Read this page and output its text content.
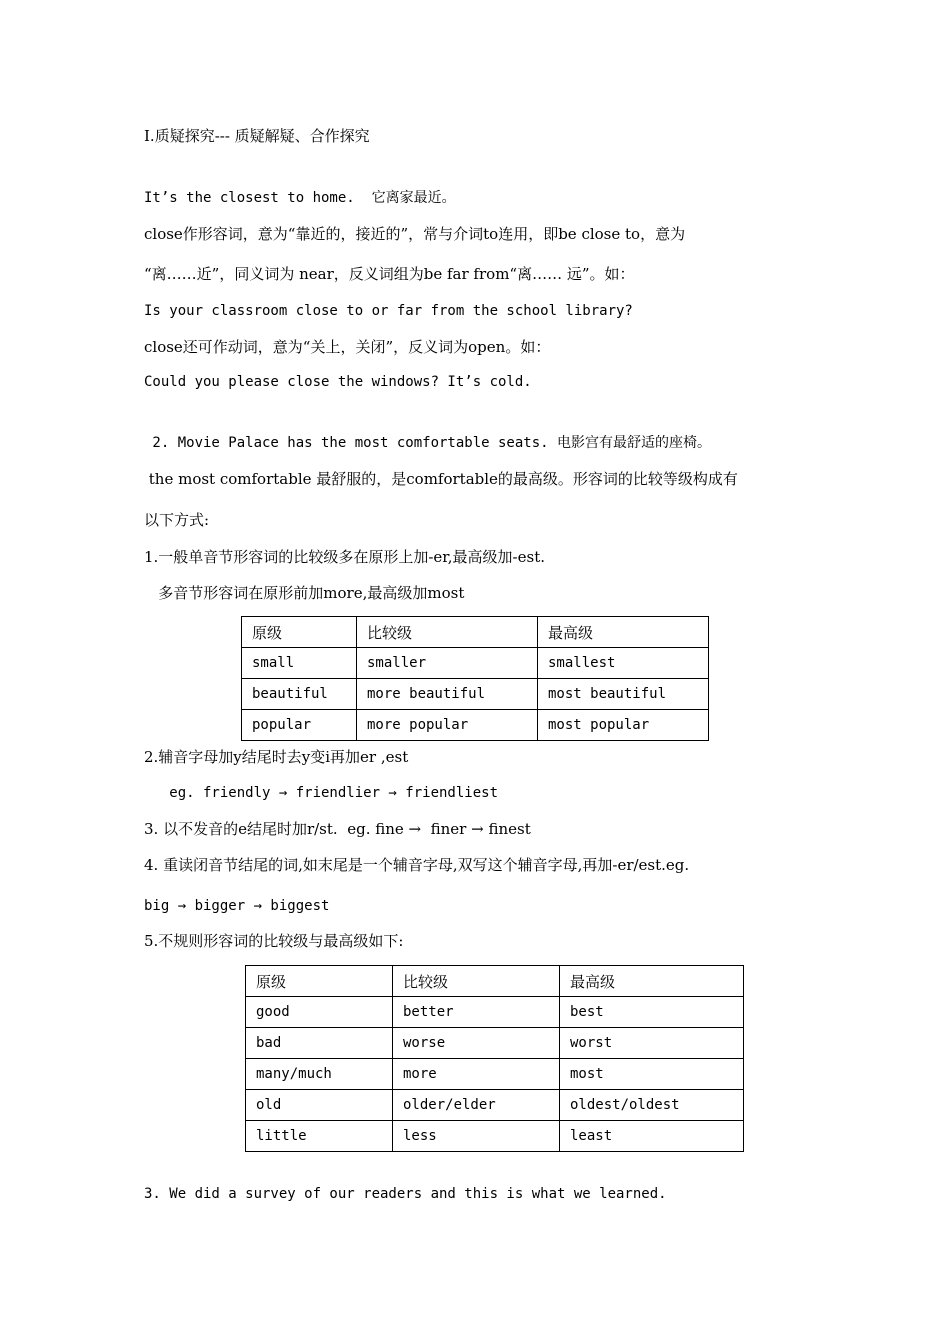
Ⅰ.质疑探究--- 质疑解疑、合作探究
It’s the closest to home.  它离家最近。
close作形容词，意为“靠近的，接近的”，常与介词to连用，即be close to，意为
“离……近”，同义词为 near，反义词组为be far from“离…… 远”。如：
Is your classroom close to or far from the school library?
close还可作动词，意为“关上，关闭”，反义词为open。如：
Could you please close the windows? It’s cold.
2. Movie Palace has the most comfortable seats. 电影宫有最舒适的座椅。
the most comfortable 最舒服的，是comfortable的最高级。形容词的比较等级构成有
以下方式:
1.一般单音节形容词的比较级多在原形上加-er,最高级加-est.
多音节形容词在原形前加more,最高级加most
原级	比较级	最高级
small	smaller	smallest
beautiful	more beautiful	most beautiful
popular	more popular	most popular
2.辅音字母加y结尾时去y变i再加er ,est
eg. friendly → friendlier → friendliest
3. 以不发音的e结尾时加r/st.  eg. fine →  finer → finest
4. 重读闭音节结尾的词,如末尾是一个辅音字母,双写这个辅音字母,再加-er/est.eg.
big → bigger → biggest
5.不规则形容词的比较级与最高级如下:
原级	比较级	最高级
good	better	best
bad	worse	worst
many/much	more	most
old	older/elder	oldest/oldest
little	less	least
3. We did a survey of our readers and this is what we learned.
